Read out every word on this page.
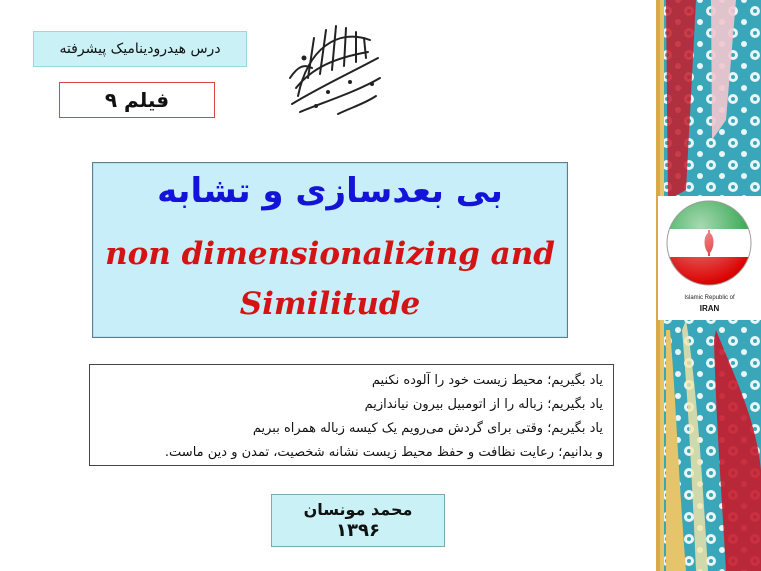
درس هیدرودینامیک پیشرفته
فیلم ۹
بی بعدسازی و تشابه
non dimensionalizing and
Similitude
یاد بگیریم؛ محیط زیست خود را آلوده نکنیم
یاد بگیریم؛ زباله را از اتومبیل بیرون نیاندازیم
یاد بگیریم؛ وقتی برای گردش می‌رویم یک کیسه زباله همراه ببریم
و بدانیم؛ رعایت نظافت و حفظ محیط زیست نشانه شخصیت، تمدن و دین ماست.
محمد مونسان
۱۳۹۶
Islamic Republic of
IRAN
